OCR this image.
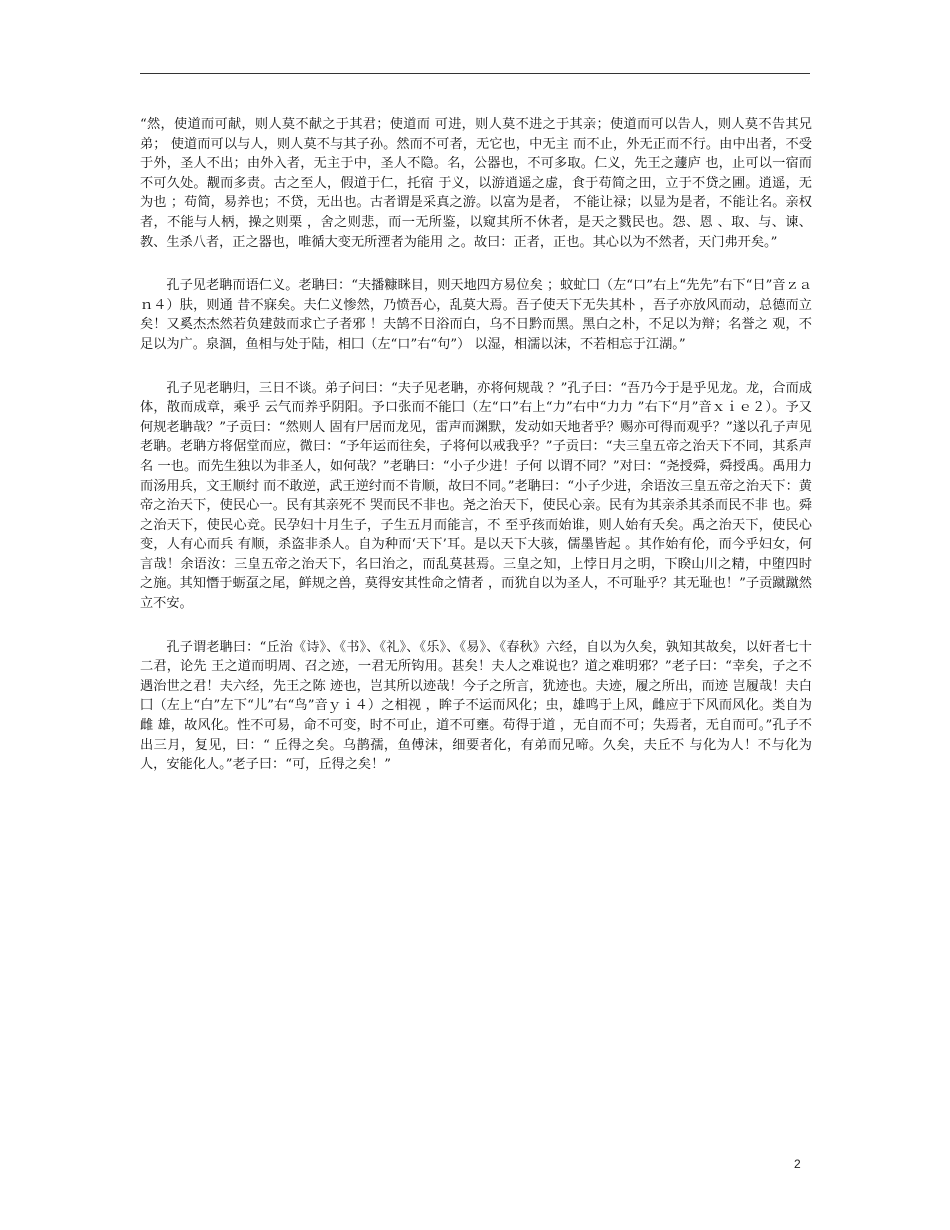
“然，使道而可献，则人莫不献之于其君；使道而 可进，则人莫不进之于其亲；使道而可以告人，则人莫不告其兄弟； 使道而可以与人，则人莫不与其子孙。然而不可者，无它也，中无主 而不止，外无正而不行。由中出者，不受于外，圣人不出；由外入者，无主于中，圣人不隐。名，公器也，不可多取。仁义，先王之蘧庐 也，止可以一宿而不可久处。觏而多责。古之至人，假道于仁，托宿 于义，以游逍遥之虚，食于苟简之田，立于不贷之圃。逍遥，无为也 ；苟简，易养也；不贷，无出也。古者谓是采真之游。以富为是者， 不能让禄；以显为是者，不能让名。亲权者，不能与人柄，操之则栗 ，舍之则悲，而一无所鉴，以窥其所不休者，是天之戮民也。怨、恩 、取、与、谏、教、生杀八者，正之器也，唯循大变无所湮者为能用 之。故曰：正者，正也。其心以为不然者，天门弗开矣。”

孔子见老聃而语仁义。老聃曰：“夫播糠眯目，则天地四方易位矣 ；蚊虻囗（左“口”右上“先先”右下“日”音ｚａｎ４）肤，则通 昔不寐矣。夫仁义惨然，乃愤吾心，乱莫大焉。吾子使天下无失其朴 ，吾子亦放风而动，总德而立矣！又奚杰杰然若负建鼓而求亡子者邪 ！夫鹄不日浴而白，乌不日黔而黑。黑白之朴，不足以为辩；名誉之 观，不足以为广。泉涸，鱼相与处于陆，相囗（左“口”右“句”） 以湿，相濡以沫，不若相忘于江湖。”

孔子见老聃归，三日不谈。弟子问曰：“夫子见老聃，亦将何规哉 ？”孔子曰：“吾乃今于是乎见龙。龙，合而成体，散而成章，乘乎 云气而养乎阴阳。予口张而不能囗（左“口”右上“力”右中“力力 ”右下“月”音ｘｉｅ２）。予又何规老聃哉？”子贡曰：“然则人 固有尸居而龙见，雷声而渊默，发动如天地者乎？赐亦可得而观乎？”遂以孔子声见老聃。老聃方将倨堂而应，微曰：“予年运而往矣，子将何以戒我乎？”子贡曰：“夫三皇五帝之治天下不同，其系声名 一也。而先生独以为非圣人，如何哉？”老聃曰：“小子少进！子何 以谓不同？”对曰：“尧授舜，舜授禹。禹用力而汤用兵，文王顺纣 而不敢逆，武王逆纣而不肯顺，故曰不同。”老聃曰：“小子少进，余语汝三皇五帝之治天下：黄帝之治天下，使民心一。民有其亲死不 哭而民不非也。尧之治天下，使民心亲。民有为其亲杀其杀而民不非 也。舜之治天下，使民心竞。民孕妇十月生子，子生五月而能言，不 至乎孩而始谁，则人始有夭矣。禹之治天下，使民心变，人有心而兵 有顺，杀盗非杀人。自为种而‘天下’耳。是以天下大骇，儒墨皆起 。其作始有伦，而今乎妇女，何言哉！余语汝：三皇五帝之治天下，名曰治之，而乱莫甚焉。三皇之知，上悖日月之明，下睽山川之精，中堕四时之施。其知憯于蛎虿之尾，鲜规之兽，莫得安其性命之情者 ，而犹自以为圣人，不可耻乎？其无耻也！”子贡蹴蹴然立不安。

孔子谓老聃曰：“丘治《诗》、《书》、《礼》、《乐》、《易》、《春秋》六经，自以为久矣，孰知其故矣，以奸者七十二君，论先 王之道而明周、召之迹，一君无所钩用。甚矣！夫人之难说也？道之难明邪？”老子曰：“幸矣，子之不遇治世之君！夫六经，先王之陈 迹也，岂其所以迹哉！今子之所言，犹迹也。夫迹，履之所出，而迹 岂履哉！夫白囗（左上“白”左下“儿”右“鸟”音ｙｉ４）之相视 ，眸子不运而风化；虫，雄鸣于上风，雌应于下风而风化。类自为雌 雄，故风化。性不可易，命不可变，时不可止，道不可壅。苟得于道 ，无自而不可；失焉者，无自而可。”孔子不出三月，复见，曰：“ 丘得之矣。乌鹊孺，鱼傅沫，细要者化，有弟而兄啼。久矣，夫丘不 与化为人！不与化为人，安能化人。”老子曰：“可，丘得之矣！”

2
